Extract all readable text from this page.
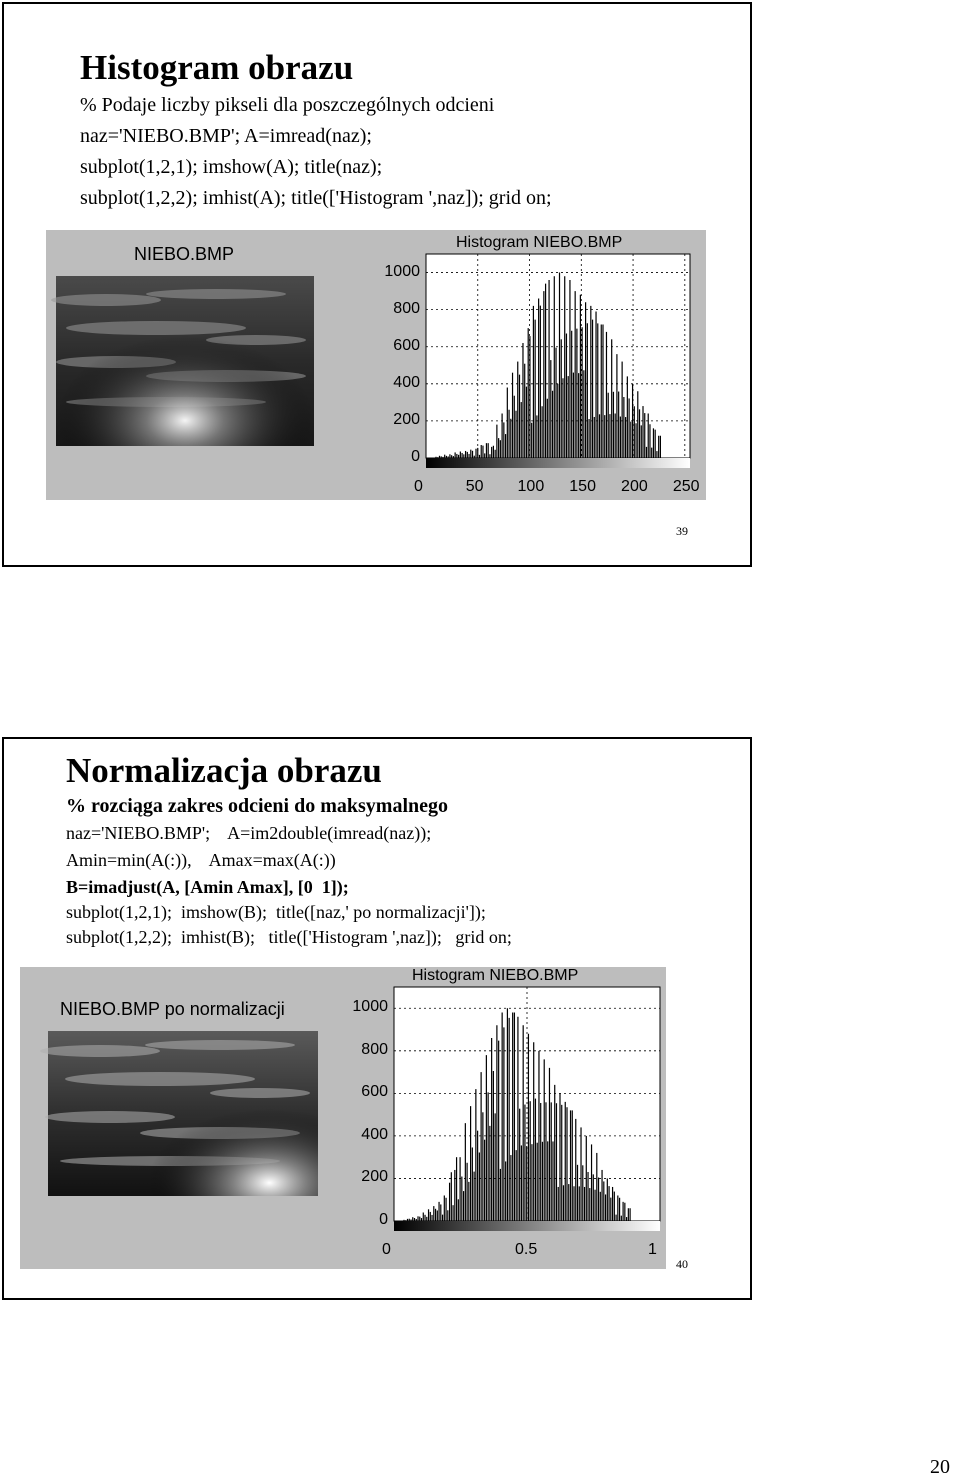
Histogram obrazu
% Podaje liczby pikseli dla poszczególnych odcieni
naz='NIEBO.BMP'; A=imread(naz);
subplot(1,2,1); imshow(A); title(naz);
subplot(1,2,2); imhist(A); title(['Histogram ',naz]); grid on;
NIEBO.BMP
Histogram NIEBO.BMP
0
200
400
600
800
1000
0	50 100 150 200 250
39
Normalizacja obrazu
% rozciąga zakres odcieni do maksymalnego
naz='NIEBO.BMP';    A=im2double(imread(naz));
Amin=min(A(:)),    Amax=max(A(:))
B=imadjust(A, [Amin Amax], [0  1]);
subplot(1,2,1);  imshow(B);  title([naz,' po normalizacji']);
subplot(1,2,2);  imhist(B);   title(['Histogram ',naz]);   grid on;
NIEBO.BMP po normalizacji
Histogram NIEBO.BMP
0
200
400
600
800
1000
0	0.5	1
40
20
